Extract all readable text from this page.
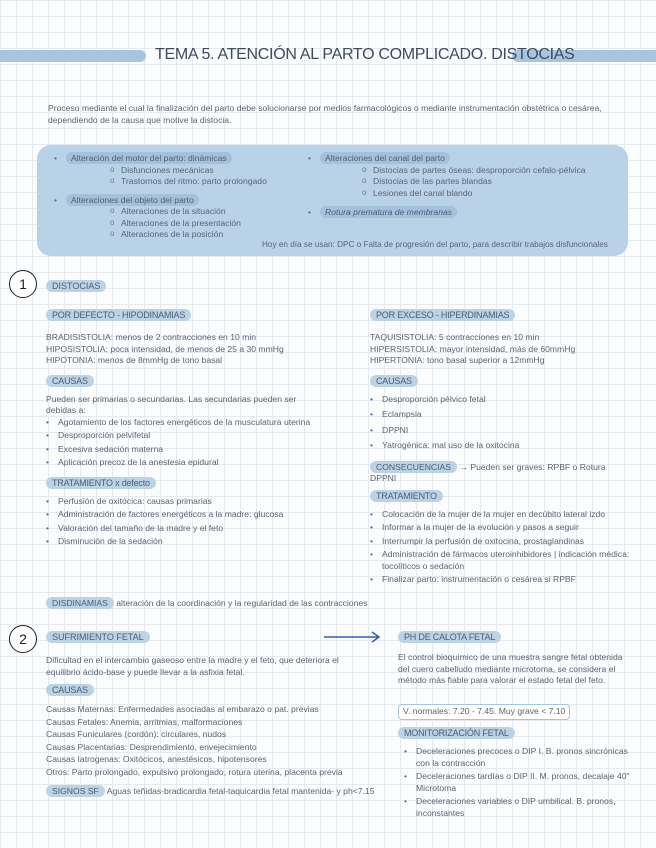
TEMA 5. ATENCIÓN AL PARTO COMPLICADO. DISTOCIAS
Proceso mediante el cual la finalización del parto debe solucionarse por medios farmacológicos o mediante instrumentación obstétrica o cesárea, dependiendo de la causa que motive la distocia.
• Alteración del motor del parto: dinámicas
o Disfunciones mecánicas
o Trastornos del ritmo: parto prolongado
• Alteraciones del objeto del parto
o Alteraciones de la situación
o Alteraciones de la presentación
o Alteraciones de la posición
• Alteraciones del canal del parto
o Distocias de partes óseas: desproporción cefalo-pélvica
o Distocias de las partes blandas
o Lesiones del canal blando
• Rotura prematura de membranas
Hoy en día se usan: DPC o Falta de progresión del parto, para describir trabajos disfuncionales
1	DISTOCIAS
POR DEFECTO - HIPODINAMIAS
BRADISISTOLIA: menos de 2 contracciones en 10 min
HIPOSISTOLIA: poca intensidad, de menos de 25 a 30 mmHg
HIPOTONIA: menos de 8mmHg de tono basal
CAUSAS
Pueden ser primarias o secundarias. Las secundarias pueden ser debidas a:
• Agotamiento de los factores energéticos de la musculatura uterina
• Desproporción pelvifetal
• Excesiva sedación materna
• Aplicación precoz de la anestesia epidural
TRATAMIENTO x defecto
• Perfusión de oxitócica: causas primarias
• Administración de factores energéticos a la madre: glucosa
• Valoración del tamaño de la madre y el feto
• Disminución de la sedación
POR EXCESO - HIPERDINAMIAS
TAQUISISTOLIA: 5 contracciones en 10 min
HIPERSISTOLIA: mayor intensidad, más de 60mmHg
HIPERTONIA: tono basal superior a 12mmHg
CAUSAS
• Desproporción pélvico fetal
• Eclampsia
• DPPNI
• Yatrogénica: mal uso de la oxitocina
CONSECUENCIAS → Pueden ser graves: RPBF o Rotura DPPNI
TRATAMIENTO
• Colocación de la mujer de la mujer en decúbito lateral izdo
• Informar a la mujer de la evolución y pasos a seguir
• Interrumpir la perfusión de oxitocina, prostaglandinas
• Administración de fármacos uteroinhibidores | indicación médica: tocolíticos o sedación
• Finalizar parto: instrumentación o cesárea si RPBF
DISDINAMIAS alteración de la coordinación y la regularidad de las contracciones
2	SUFRIMIENTO FETAL
Dificultad en el intercambio gaseoso entre la madre y el feto, que deteriora el equilibrio ácido-base y puede llevar a la asfixia fetal.
CAUSAS
Causas Maternas: Enfermedades asociadas al embarazo o pat. previas
Causas Fetales: Anemia, arritmias, malformaciones
Causas Funiculares (cordón): circulares, nudos
Causas Placentarias: Desprendimiento, envejecimiento
Causas Iatrogenas: Oxitócicos, anestésicos, hipotensores
Otros: Parto prolongado, expulsivo prolongado, rotura uterina, placenta previa
SIGNOS SF Aguas teñidas-bradicardia fetal-taquicardia fetal mantenida- y ph<7.15
PH DE CALOTA FETAL
El control bioquímico de una muestra sangre fetal obtenida del cuero cabelludo mediante microtoma, se considera el método más fiable para valorar el estado fetal del feto.
V. normales: 7.20 - 7.45. Muy grave < 7.10
MONITORIZACIÓN FETAL
• Deceleraciones precoces o DIP I. B. pronos sincrónicas con la contracción
• Deceleraciones tardías o DIP II. M. pronos, decalaje 40" Microtoma
• Deceleraciones variables o DIP umbilical. B. pronos, inconstantes
